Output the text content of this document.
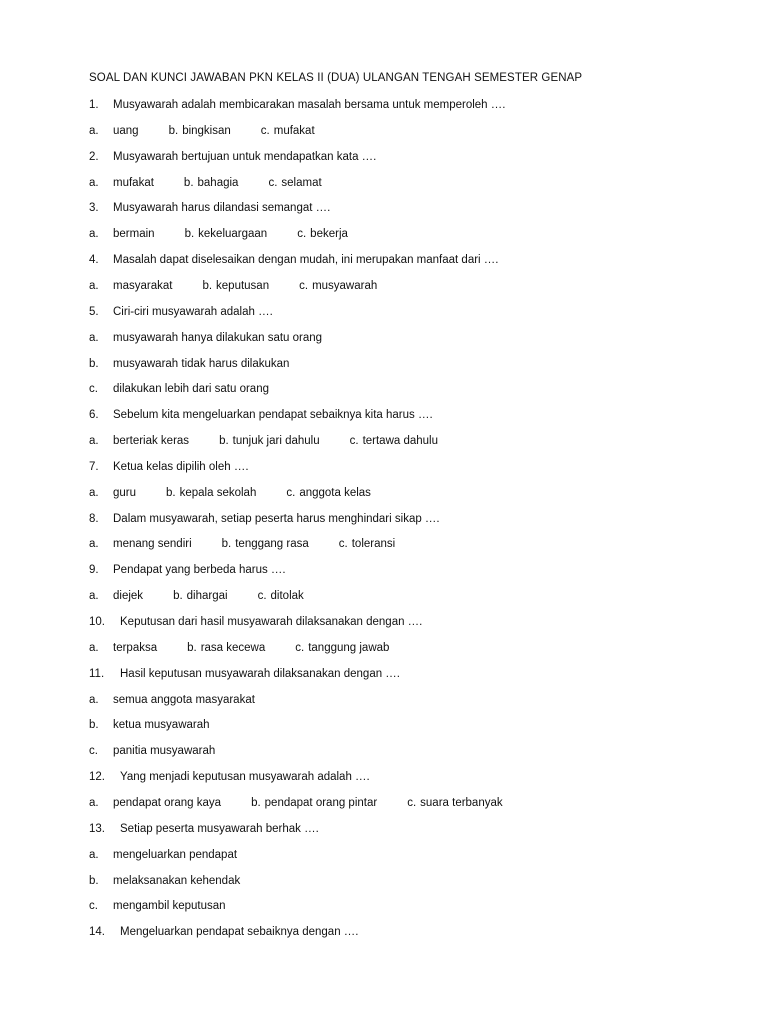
SOAL DAN KUNCI JAWABAN PKN KELAS II (DUA) ULANGAN TENGAH SEMESTER GENAP
1. Musyawarah adalah membicarakan masalah bersama untuk memperoleh ….
a. uang	b. bingkisan	c. mufakat
2. Musyawarah bertujuan untuk mendapatkan kata ….
a. mufakat	b. bahagia	c. selamat
3. Musyawarah harus dilandasi semangat ….
a. bermain	b. kekeluargaan	c. bekerja
4. Masalah dapat diselesaikan dengan mudah, ini merupakan manfaat dari ….
a. masyarakat	b. keputusan	c. musyawarah
5. Ciri-ciri musyawarah adalah ….
a. musyawarah hanya dilakukan satu orang
b. musyawarah tidak harus dilakukan
c. dilakukan lebih dari satu orang
6. Sebelum kita mengeluarkan pendapat sebaiknya kita harus ….
a. berteriak keras	b. tunjuk jari dahulu	c. tertawa dahulu
7. Ketua kelas dipilih oleh ….
a. guru	b. kepala sekolah	c. anggota kelas
8. Dalam musyawarah, setiap peserta harus menghindari sikap ….
a. menang sendiri	b. tenggang rasa	c. toleransi
9. Pendapat yang berbeda harus ….
a. diejek	b. dihargai	c. ditolak
10. Keputusan dari hasil musyawarah dilaksanakan dengan ….
a. terpaksa	b. rasa kecewa	c. tanggung jawab
11. Hasil keputusan musyawarah dilaksanakan dengan ….
a. semua anggota masyarakat
b. ketua musyawarah
c. panitia musyawarah
12. Yang menjadi keputusan musyawarah adalah ….
a. pendapat orang kaya	b. pendapat orang pintar	c. suara terbanyak
13. Setiap peserta musyawarah berhak ….
a. mengeluarkan pendapat
b. melaksanakan kehendak
c. mengambil keputusan
14. Mengeluarkan pendapat sebaiknya dengan ….
